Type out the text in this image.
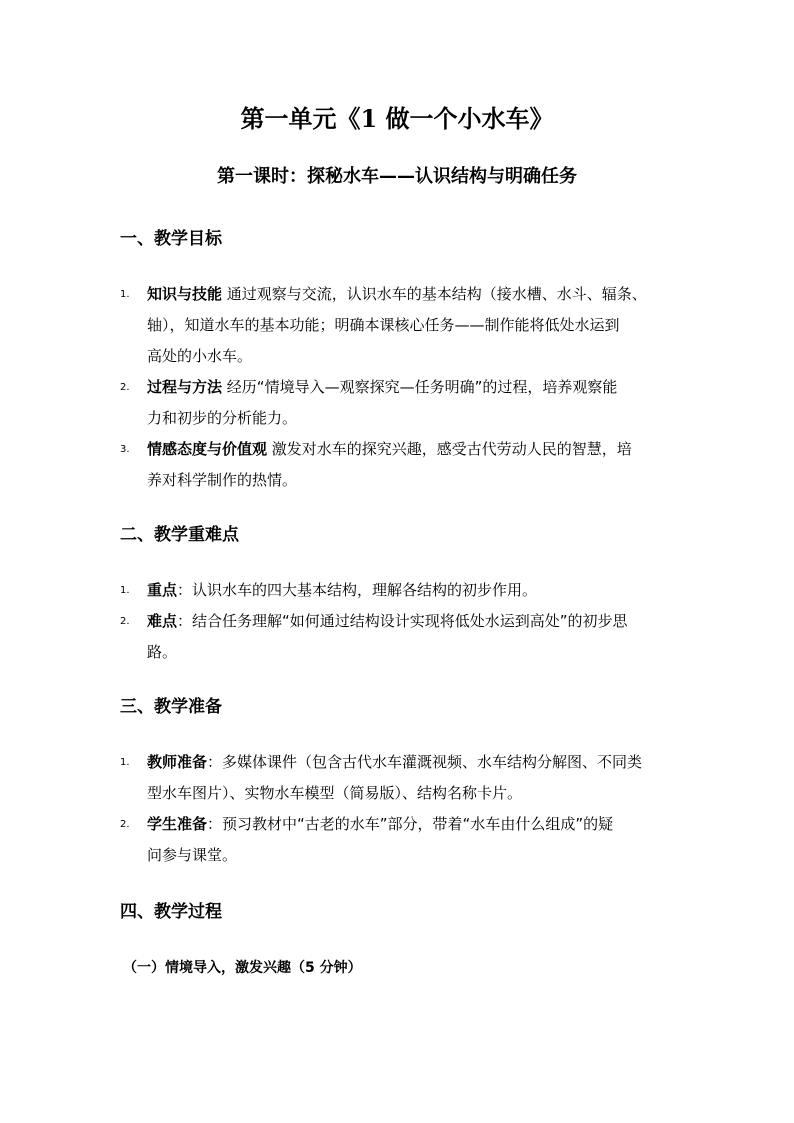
第一单元《1 做一个小水车》
第一课时：探秘水车——认识结构与明确任务
一、教学目标
1. 知识与技能 通过观察与交流，认识水车的基本结构（接水槽、水斗、辐条、
轴），知道水车的基本功能；明确本课核心任务——制作能将低处水运到
高处的小水车。
2. 过程与方法 经历“情境导入—观察探究—任务明确”的过程，培养观察能
力和初步的分析能力。
3. 情感态度与价值观 激发对水车的探究兴趣，感受古代劳动人民的智慧，培
养对科学制作的热情。
二、教学重难点
1. 重点：认识水车的四大基本结构，理解各结构的初步作用。
2. 难点：结合任务理解“如何通过结构设计实现将低处水运到高处”的初步思
路。
三、教学准备
1. 教师准备：多媒体课件（包含古代水车灌溉视频、水车结构分解图、不同类
型水车图片）、实物水车模型（简易版）、结构名称卡片。
2. 学生准备：预习教材中“古老的水车”部分，带着“水车由什么组成”的疑
问参与课堂。
四、教学过程
（一）情境导入，激发兴趣（5 分钟）
